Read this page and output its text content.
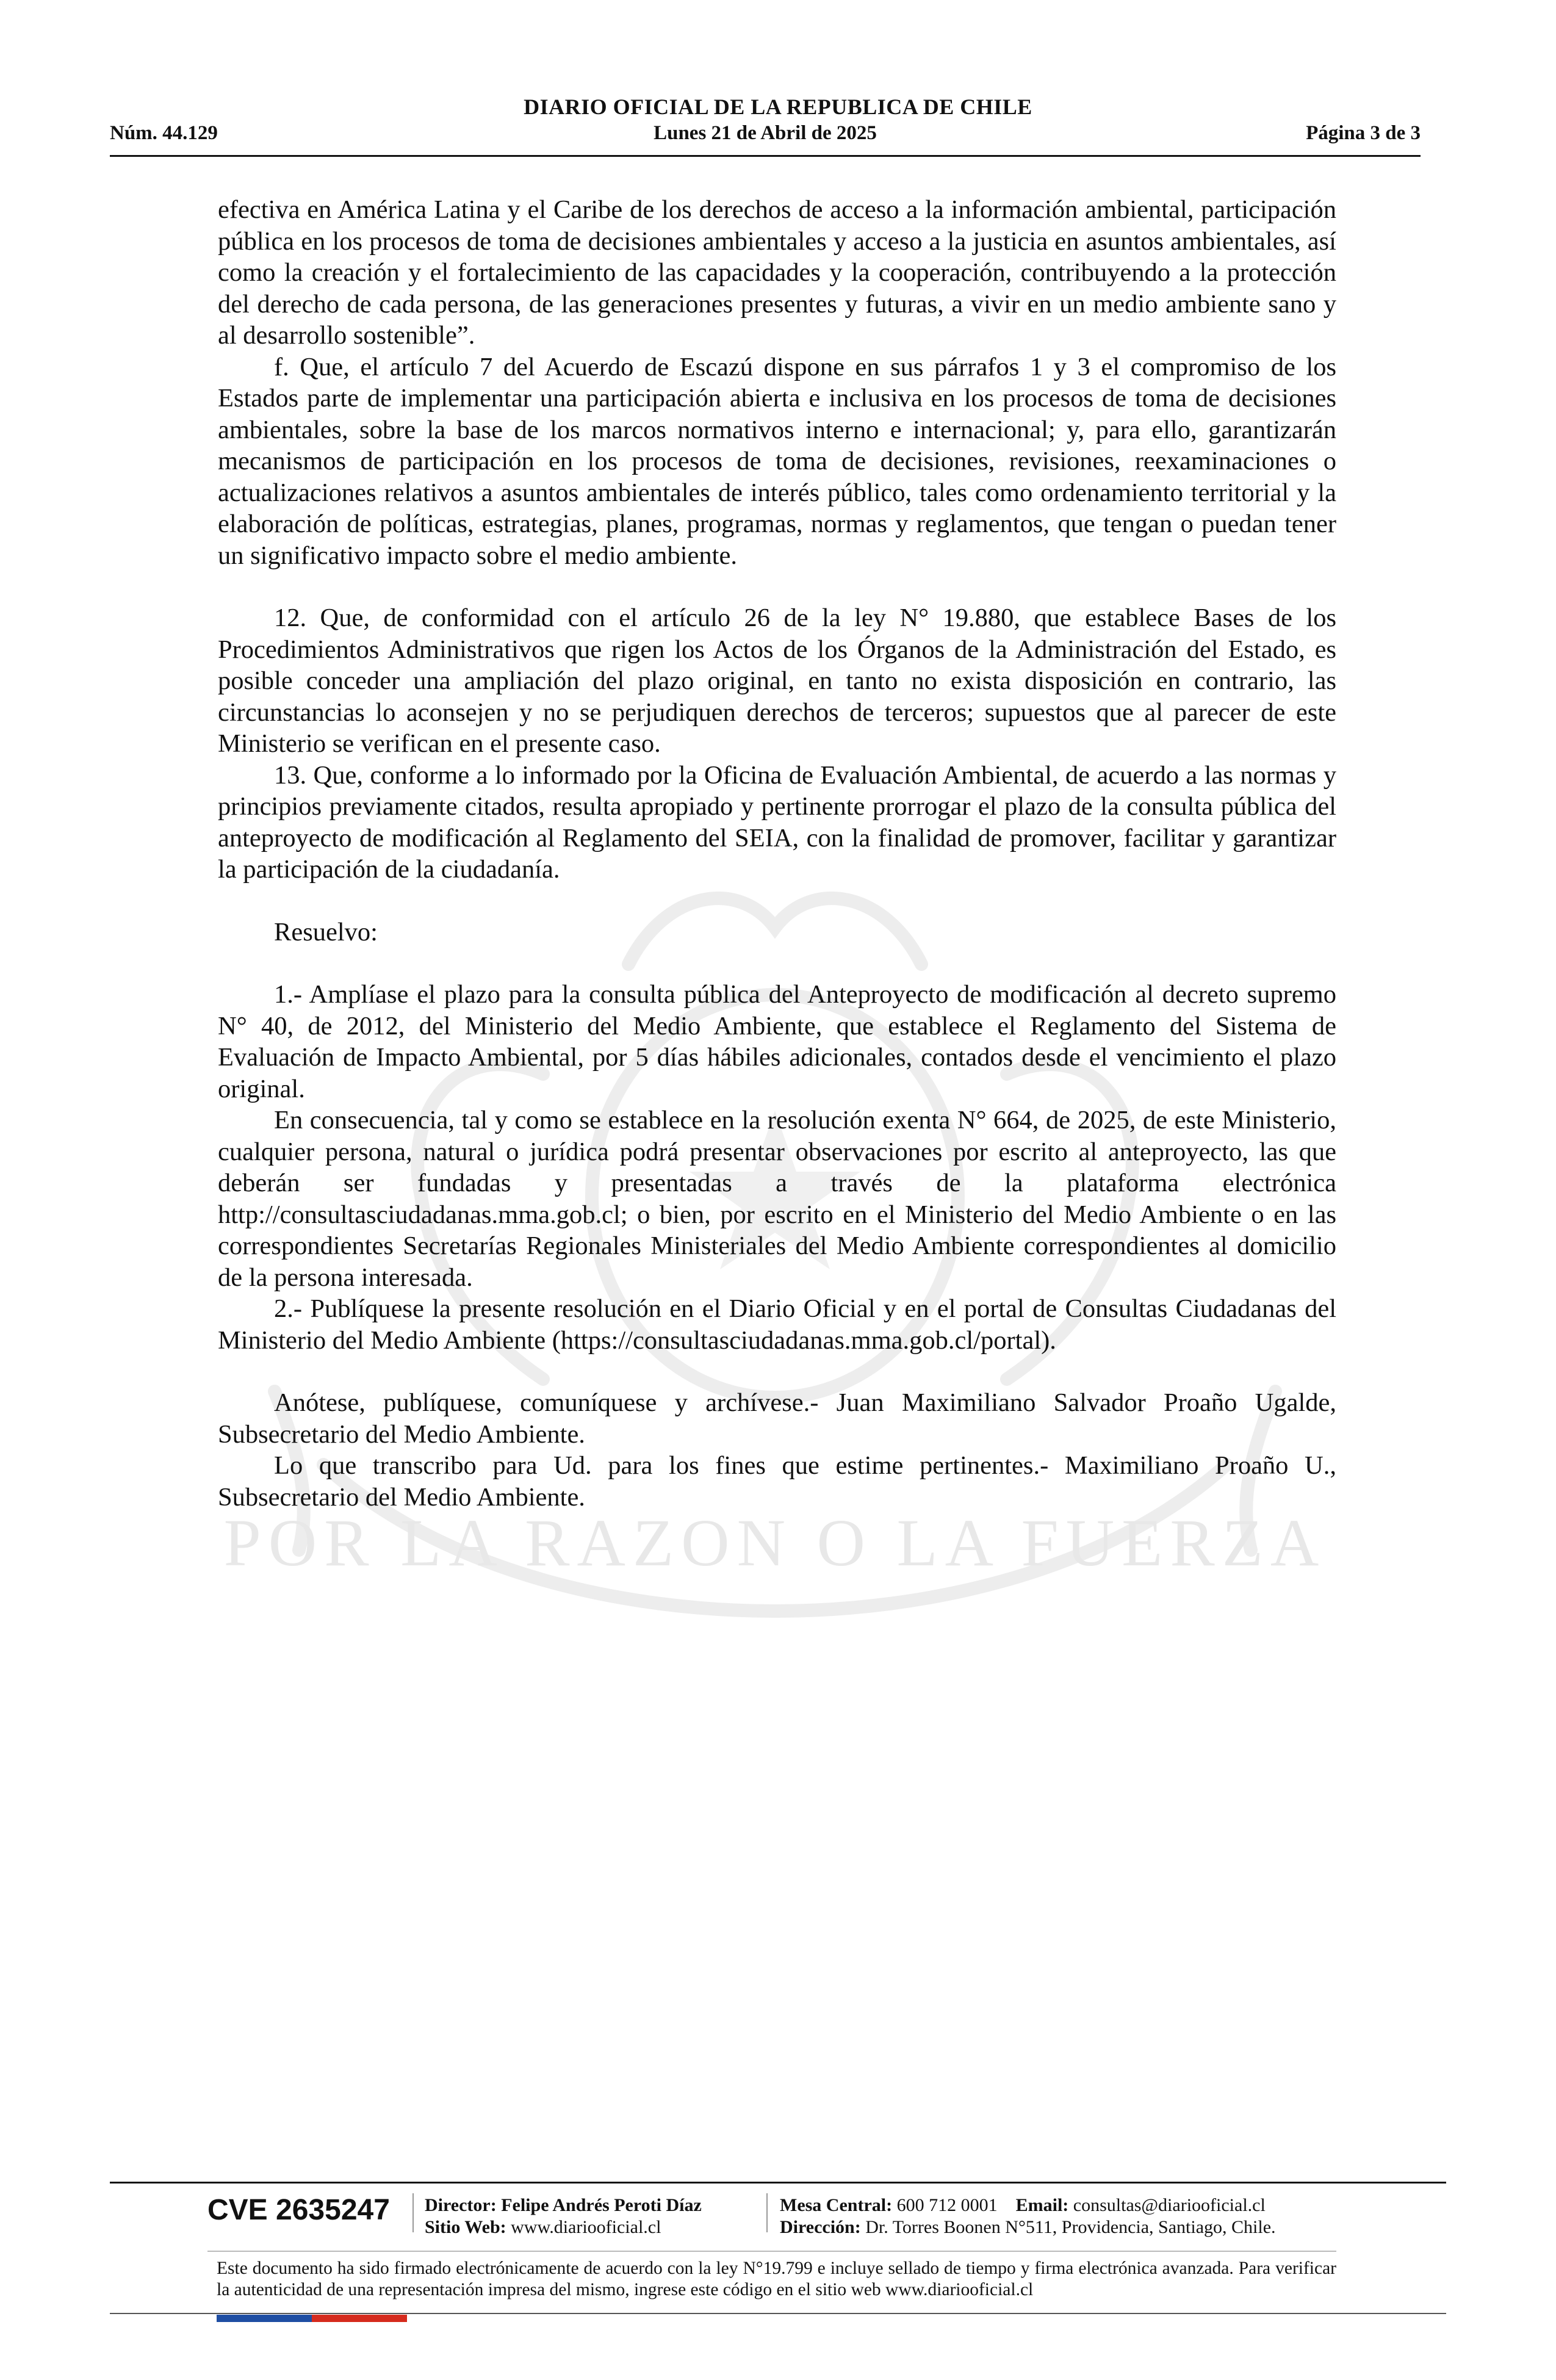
POR LA RAZON O LA FUERZA
DIARIO OFICIAL DE LA REPUBLICA DE CHILE
Núm. 44.129	Lunes 21 de Abril de 2025	Página 3 de 3

efectiva en América Latina y el Caribe de los derechos de acceso a la información ambiental, participación pública en los procesos de toma de decisiones ambientales y acceso a la justicia en asuntos ambientales, así como la creación y el fortalecimiento de las capacidades y la cooperación, contribuyendo a la protección del derecho de cada persona, de las generaciones presentes y futuras, a vivir en un medio ambiente sano y al desarrollo sostenible”.

f. Que, el artículo 7 del Acuerdo de Escazú dispone en sus párrafos 1 y 3 el compromiso de los Estados parte de implementar una participación abierta e inclusiva en los procesos de toma de decisiones ambientales, sobre la base de los marcos normativos interno e internacional; y, para ello, garantizarán mecanismos de participación en los procesos de toma de decisiones, revisiones, reexaminaciones o actualizaciones relativos a asuntos ambientales de interés público, tales como ordenamiento territorial y la elaboración de políticas, estrategias, planes, programas, normas y reglamentos, que tengan o puedan tener un significativo impacto sobre el medio ambiente.

12. Que, de conformidad con el artículo 26 de la ley N° 19.880, que establece Bases de los Procedimientos Administrativos que rigen los Actos de los Órganos de la Administración del Estado, es posible conceder una ampliación del plazo original, en tanto no exista disposición en contrario, las circunstancias lo aconsejen y no se perjudiquen derechos de terceros; supuestos que al parecer de este Ministerio se verifican en el presente caso.

13. Que, conforme a lo informado por la Oficina de Evaluación Ambiental, de acuerdo a las normas y principios previamente citados, resulta apropiado y pertinente prorrogar el plazo de la consulta pública del anteproyecto de modificación al Reglamento del SEIA, con la finalidad de promover, facilitar y garantizar la participación de la ciudadanía.

Resuelvo:

1.- Amplíase el plazo para la consulta pública del Anteproyecto de modificación al decreto supremo N° 40, de 2012, del Ministerio del Medio Ambiente, que establece el Reglamento del Sistema de Evaluación de Impacto Ambiental, por 5 días hábiles adicionales, contados desde el vencimiento el plazo original.

En consecuencia, tal y como se establece en la resolución exenta N° 664, de 2025, de este Ministerio, cualquier persona, natural o jurídica podrá presentar observaciones por escrito al anteproyecto, las que deberán ser fundadas y presentadas a través de la plataforma electrónica http://consultasciudadanas.mma.gob.cl; o bien, por escrito en el Ministerio del Medio Ambiente o en las correspondientes Secretarías Regionales Ministeriales del Medio Ambiente correspondientes al domicilio de la persona interesada.

2.- Publíquese la presente resolución en el Diario Oficial y en el portal de Consultas Ciudadanas del Ministerio del Medio Ambiente (https://consultasciudadanas.mma.gob.cl/portal).

Anótese, publíquese, comuníquese y archívese.- Juan Maximiliano Salvador Proaño Ugalde, Subsecretario del Medio Ambiente.

Lo que transcribo para Ud. para los fines que estime pertinentes.- Maximiliano Proaño U., Subsecretario del Medio Ambiente.

CVE 2635247 Director: Felipe Andrés Peroti Díaz
Sitio Web: www.diariooficial.cl
Mesa Central: 600 712 0001 Email: consultas@diariooficial.cl
Dirección: Dr. Torres Boonen N°511, Providencia, Santiago, Chile.
Este documento ha sido firmado electrónicamente de acuerdo con la ley N°19.799 e incluye sellado de tiempo y firma electrónica avanzada. Para verificar la autenticidad de una representación impresa del mismo, ingrese este código en el sitio web www.diariooficial.cl
